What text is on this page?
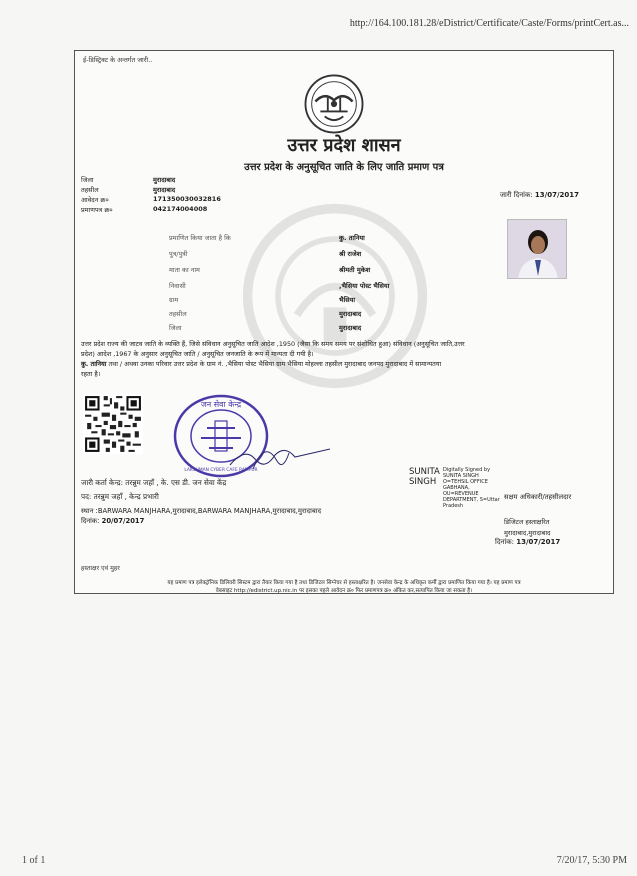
http://164.100.181.28/eDistrict/Certificate/Caste/Forms/printCert.as...
ई-डिस्ट्रिक्ट के अन्तर्गत जारी..
उत्तर प्रदेश शासन
उत्तर प्रदेश के अनुसूचित जाति के लिए जाति प्रमाण पत्र
जिला	मुरादाबाद
तहसील	मुरादाबाद
आवेदन क्र०	171350030032816
प्रमाणपत्र क्र०	042174004008
जारी दिनांक: 13/07/2017
प्रमाणित किया जाता है कि	कु. तानिया
पुत्र/पुत्री	श्री राजेश
माता का नाम	श्रीमती मुकेश
निवासी	,भैसिया पोस्ट भैसिया
ग्राम	भैसिया
तहसील	मुरादाबाद
जिला	मुरादाबाद
उत्तर प्रदेश राज्य की जाटव जाति के व्यक्ति हैं, जिसे संविधान अनुसूचित जाति आदेश ,1950 (जैसा कि समय समय पर संशोधित हुआ) संविधान (अनुसूचित जाति,उत्तर
प्रदेश) आदेश ,1967 के अनुसार अनुसूचित जाति / अनुसूचित जनजाति के रूप में मान्यता दी गयी है।
कु. तानिया तथा / अथवा उनका परिवार उत्तर प्रदेश के ग्राम नं. ,भैसिया पोस्ट भैसिया ग्राम भैसिया मोहल्ला तहसील मुरादाबाद जनपद मुरादाबाद में सामान्यतया
रहता है।
जन सेवा केन्द्र
LAKSHMAN CYBER CAFE RAMPUR
जारी कर्ता केन्द्र: तरन्नुम जहाँ , के. एस डी. जन सेवा केंद्र
पद: तरन्नुम जहाँ , केन्द्र प्रभारी
स्थान :BARWARA MANJHARA,मुरादाबाद,BARWARA MANJHARA,मुरादाबाद,मुरादाबाद
दिनांक: 20/07/2017
SUNITA SINGH
Digitally Signed by SUNITA SINGH O=TEHSIL OFFICE GABHANA, OU=REVENUE DEPARTMENT, S=Uttar Pradesh
सक्षम अधिकारी/तहसीलदार
डिजिटल हस्ताक्षरित
मुरादाबाद,मुरादाबाद
दिनांक: 13/07/2017
हस्ताक्षर एवं मुहर
यह प्रमाण पत्र इलेक्ट्रॉनिक डिलिवरी सिस्टम द्वारा तैयार किया गया है तथा डिजिटल सिग्नेचर से हस्ताक्षरित है। जनसेवा केन्द्र के अधिकृत कर्मी द्वारा प्रमाणित किया गया है। यह प्रमाण पत्र
वेबसाइट http://edistrict.up.nic.in पर इसका पहले आवेदन क्र० फिर प्रमाणपत्र क्र० अंकित कर,सत्यापित किया जा सकता है।
1 of 1	7/20/17, 5:30 PM
